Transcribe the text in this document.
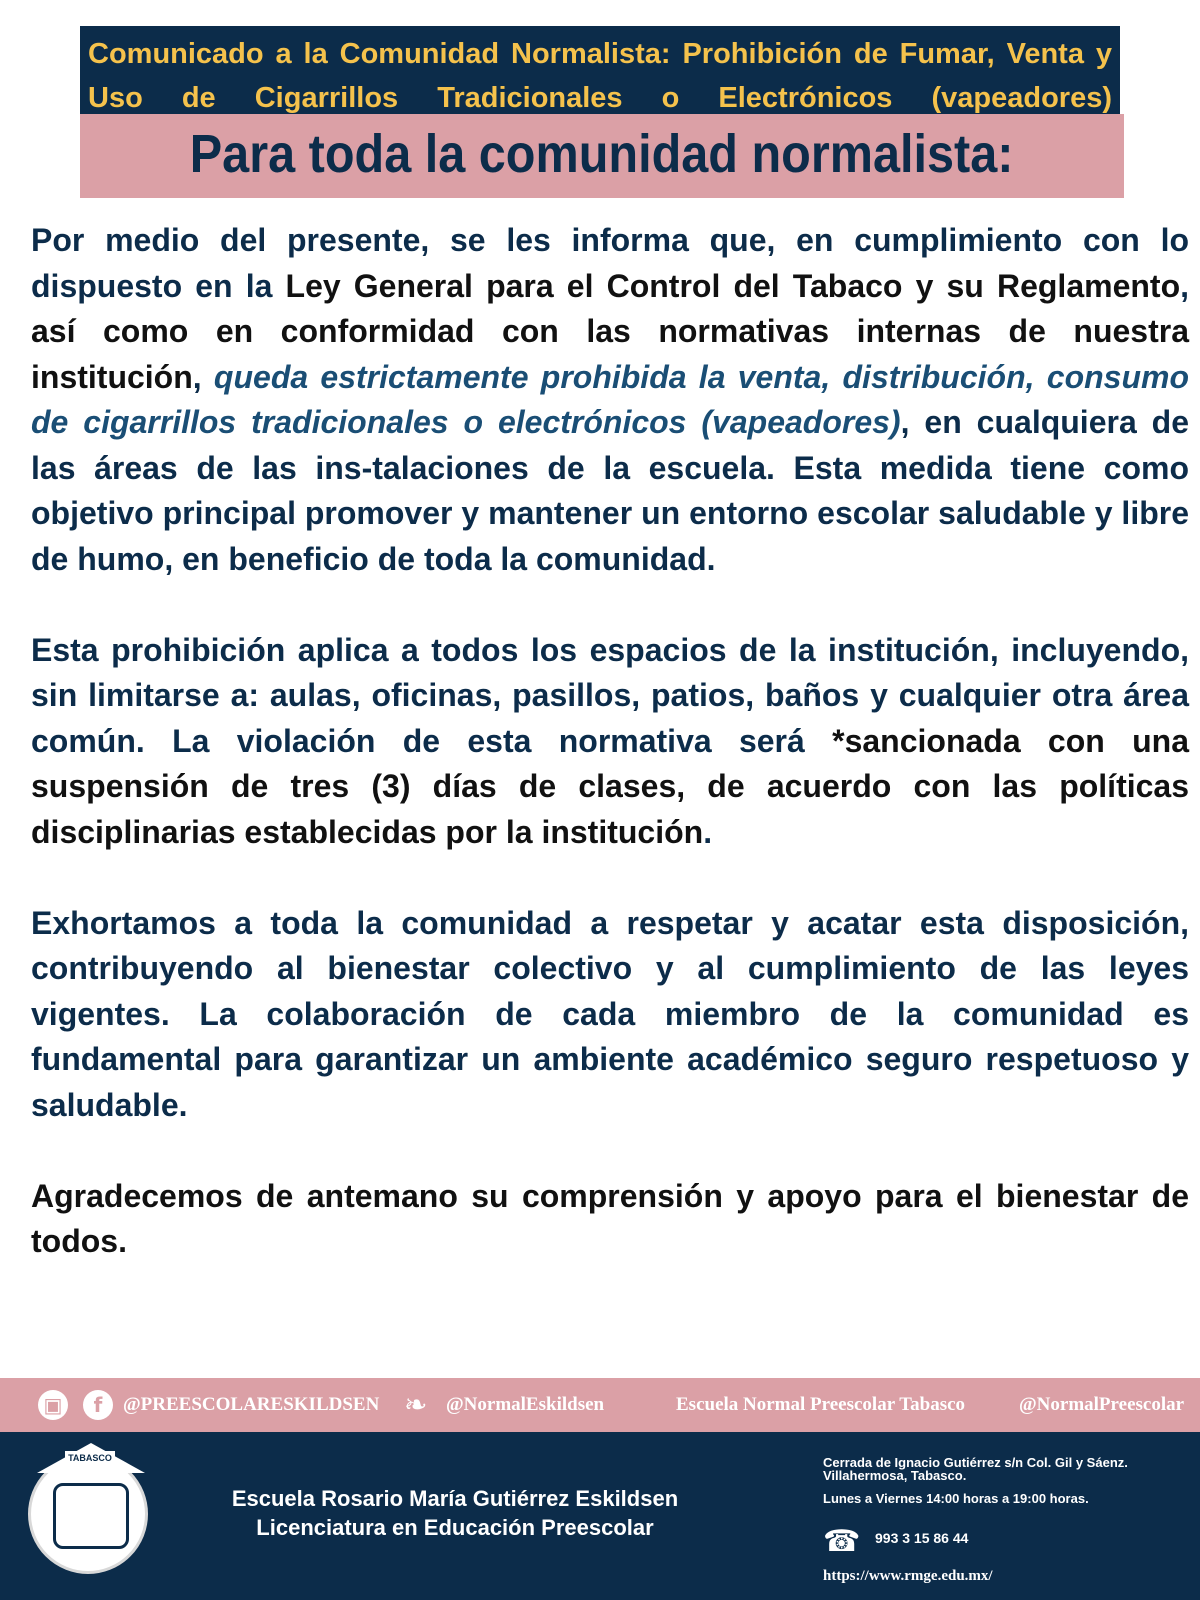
Comunicado a la Comunidad Normalista: Prohibición de Fumar, Venta y Uso de Cigarrillos Tradicionales o Electrónicos (vapeadores)
Para toda la comunidad normalista:

Por medio del presente, se les informa que, en cumplimiento con lo dispuesto en la Ley General para el Control del Tabaco y su Reglamento, así como en conformidad con las normativas internas de nuestra institución, queda estrictamente prohibida la venta, distribución, consumo de cigarrillos tradicionales o electrónicos (vapeadores), en cualquiera de las áreas de las ins-talaciones de la escuela. Esta medida tiene como objetivo principal promover y mantener un entorno escolar saludable y libre de humo, en beneficio de toda la comunidad.

Esta prohibición aplica a todos los espacios de la institución, incluyendo, sin limitarse a: aulas, oficinas, pasillos, patios, baños y cualquier otra área común. La violación de esta normativa será *sancionada con una suspensión de tres (3) días de clases, de acuerdo con las políticas disciplinarias establecidas por la institución.

Exhortamos a toda la comunidad a respetar y acatar esta disposición, contribuyendo al bienestar colectivo y al cumplimiento de las leyes vigentes. La colaboración de cada miembro de la comunidad es fundamental para garantizar un ambiente académico seguro respetuoso y saludable.

Agradecemos de antemano su comprensión y apoyo para el bienestar de todos.

▣	f	@PREESCOLARESKILDSEN ❧ @NormalEskildsen	Escuela Normal Preescolar Tabasco	@NormalPreescolar
TABASCO
Escuela Rosario María Gutiérrez Eskildsen
Licenciatura en Educación Preescolar
Cerrada de Ignacio Gutiérrez s/n Col. Gil y Sáenz.
Villahermosa, Tabasco.
Lunes a Viernes 14:00 horas a 19:00 horas.
☎ 993 3 15 86 44
https://www.rmge.edu.mx/
